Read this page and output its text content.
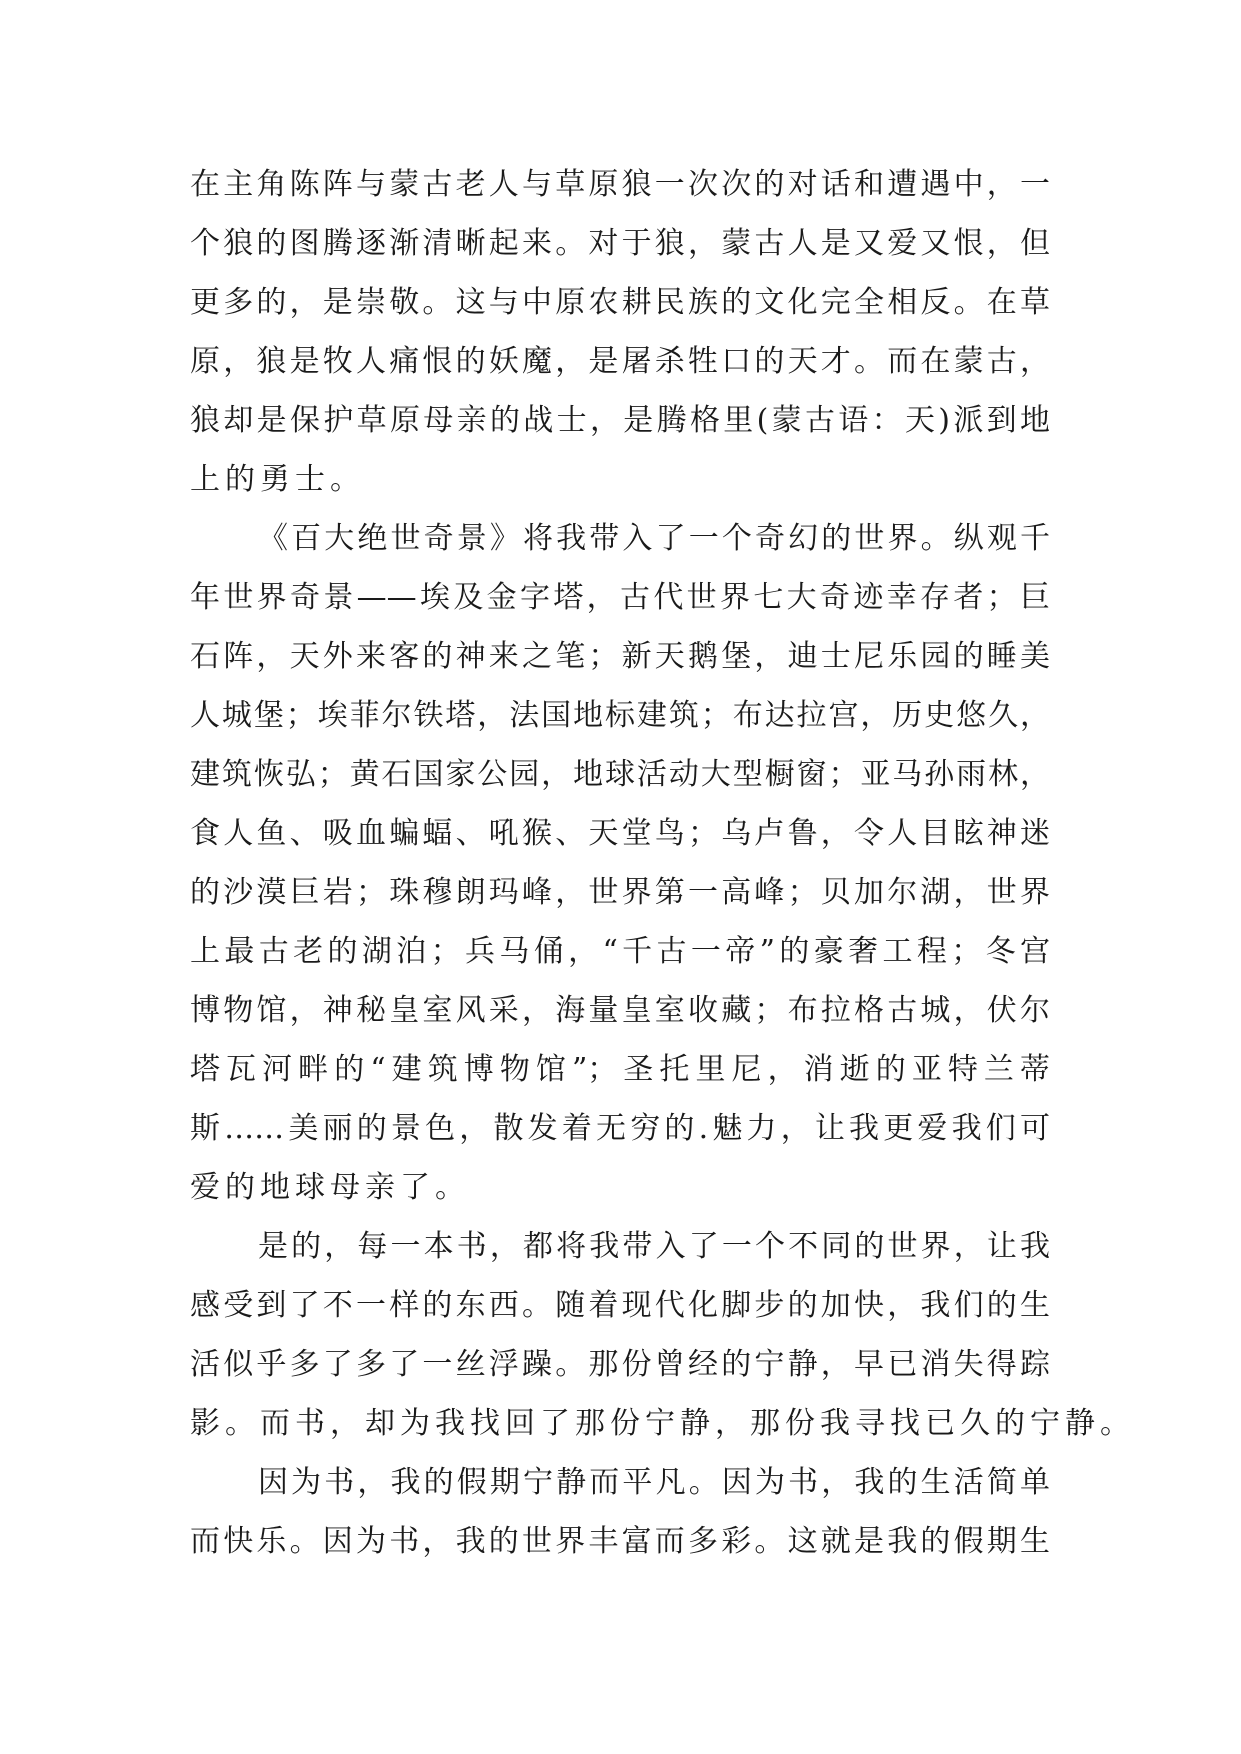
在主角陈阵与蒙古老人与草原狼一次次的对话和遭遇中，一
个狼的图腾逐渐清晰起来。对于狼，蒙古人是又爱又恨，但
更多的，是崇敬。这与中原农耕民族的文化完全相反。在草
原，狼是牧人痛恨的妖魔，是屠杀牲口的天才。而在蒙古，
狼却是保护草原母亲的战士，是腾格里(蒙古语：天)派到地
上的勇士。
《百大绝世奇景》将我带入了一个奇幻的世界。纵观千
年世界奇景——埃及金字塔，古代世界七大奇迹幸存者；巨
石阵，天外来客的神来之笔；新天鹅堡，迪士尼乐园的睡美
人城堡；埃菲尔铁塔，法国地标建筑；布达拉宫，历史悠久，
建筑恢弘；黄石国家公园，地球活动大型橱窗；亚马孙雨林，
食人鱼、吸血蝙蝠、吼猴、天堂鸟；乌卢鲁，令人目眩神迷
的沙漠巨岩；珠穆朗玛峰，世界第一高峰；贝加尔湖，世界
上最古老的湖泊；兵马俑，“千古一帝”的豪奢工程；冬宫
博物馆，神秘皇室风采，海量皇室收藏；布拉格古城，伏尔
塔瓦河畔的“建筑博物馆”；圣托里尼，消逝的亚特兰蒂
斯……美丽的景色，散发着无穷的.魅力，让我更爱我们可
爱的地球母亲了。
是的，每一本书，都将我带入了一个不同的世界，让我
感受到了不一样的东西。随着现代化脚步的加快，我们的生
活似乎多了多了一丝浮躁。那份曾经的宁静，早已消失得踪
影。而书，却为我找回了那份宁静，那份我寻找已久的宁静。
因为书，我的假期宁静而平凡。因为书，我的生活简单
而快乐。因为书，我的世界丰富而多彩。这就是我的假期生
